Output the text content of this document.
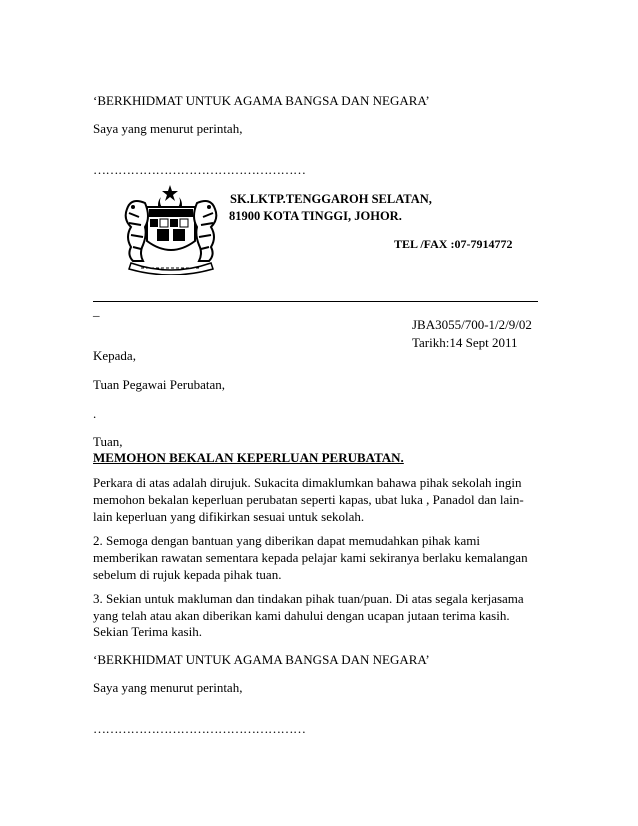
‘BERKHIDMAT UNTUK AGAMA BANGSA DAN NEGARA’
Saya yang menurut perintah,
……………………………………………
SK.LKTP.TENGGAROH SELATAN,
81900 KOTA TINGGI, JOHOR.
TEL /FAX :07-7914772
_
JBA3055/700-1/2/9/02
Tarikh:14 Sept 2011
Kepada,
Tuan Pegawai Perubatan,
.
Tuan,
MEMOHON BEKALAN KEPERLUAN PERUBATAN.
Perkara di atas adalah dirujuk. Sukacita dimaklumkan bahawa pihak sekolah ingin memohon bekalan keperluan perubatan seperti kapas, ubat luka , Panadol dan lain-lain keperluan yang difikirkan sesuai untuk sekolah.
2. Semoga dengan bantuan yang diberikan dapat memudahkan pihak kami memberikan rawatan sementara kepada pelajar kami sekiranya berlaku kemalangan sebelum di rujuk kepada pihak tuan.
3. Sekian untuk makluman dan tindakan pihak tuan/puan. Di atas segala kerjasama yang telah atau akan diberikan kami dahului dengan ucapan jutaan terima kasih.
Sekian Terima kasih.
‘BERKHIDMAT UNTUK AGAMA BANGSA DAN NEGARA’
Saya yang menurut perintah,
……………………………………………
